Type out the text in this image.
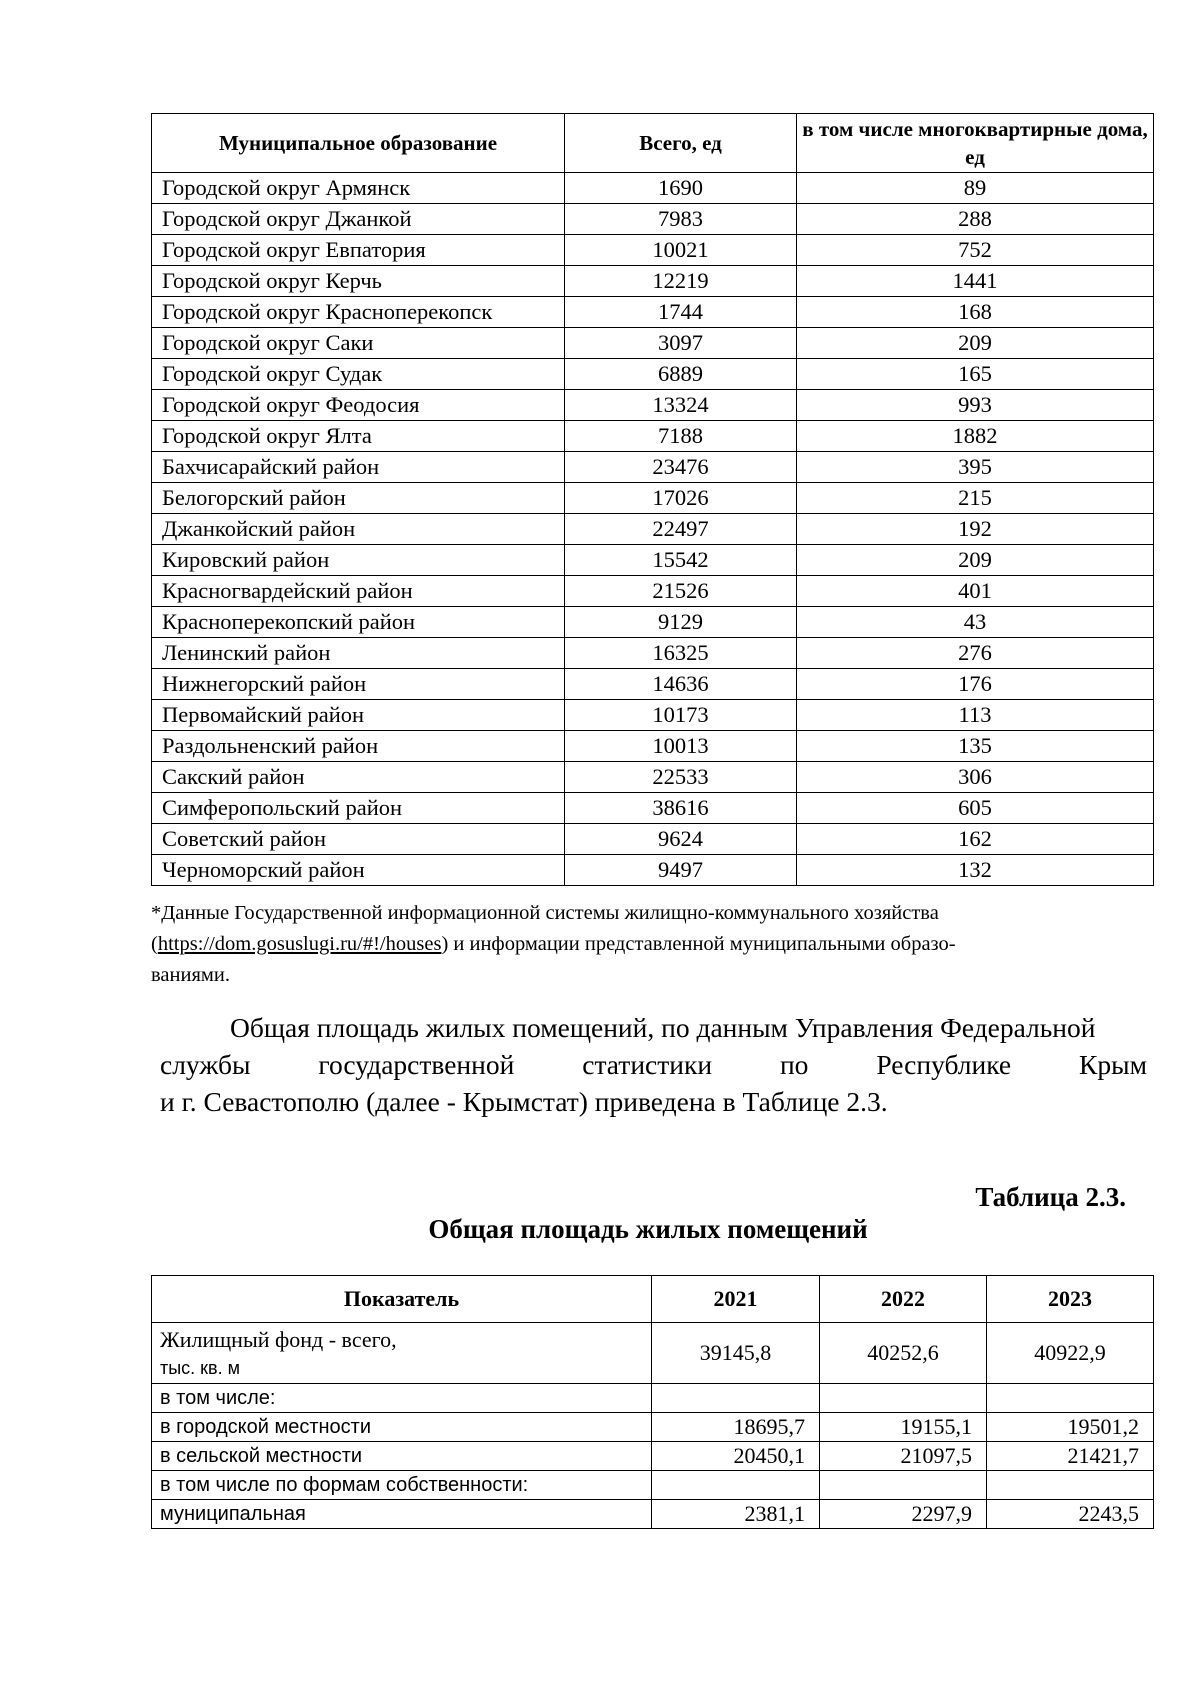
Муниципальное образование	Всего, ед	в том числе многоквартирные дома, ед
Городской округ Армянск	1690	89
Городской округ Джанкой	7983	288
Городской округ Евпатория	10021	752
Городской округ Керчь	12219	1441
Городской округ Красноперекопск	1744	168
Городской округ Саки	3097	209
Городской округ Судак	6889	165
Городской округ Феодосия	13324	993
Городской округ Ялта	7188	1882
Бахчисарайский район	23476	395
Белогорский район	17026	215
Джанкойский район	22497	192
Кировский район	15542	209
Красногвардейский район	21526	401
Красноперекопский район	9129	43
Ленинский район	16325	276
Нижнегорский район	14636	176
Первомайский район	10173	113
Раздольненский район	10013	135
Сакский район	22533	306
Симферопольский район	38616	605
Советский район	9624	162
Черноморский район	9497	132
*Данные Государственной информационной системы жилищно-коммунального хозяйства
(https://dom.gosuslugi.ru/#!/houses) и информации представленной муниципальными образо-
ваниями.
Общая площадь жилых помещений, по данным Управления Федеральной
службы государственной статистики по Республике Крым
и г. Севастополю (далее - Крымстат) приведена в Таблице 2.3.
Таблица 2.3.
Общая площадь жилых помещений
Показатель	2021	2022	2023

Жилищный фонд - всего,
тыс. кв. м	39145,8	40252,6	40922,9
в том числе:			
в городской местности	18695,7	19155,1	19501,2
в сельской местности	20450,1	21097,5	21421,7
в том числе по формам собственности:			
муниципальная	2381,1	2297,9	2243,5
